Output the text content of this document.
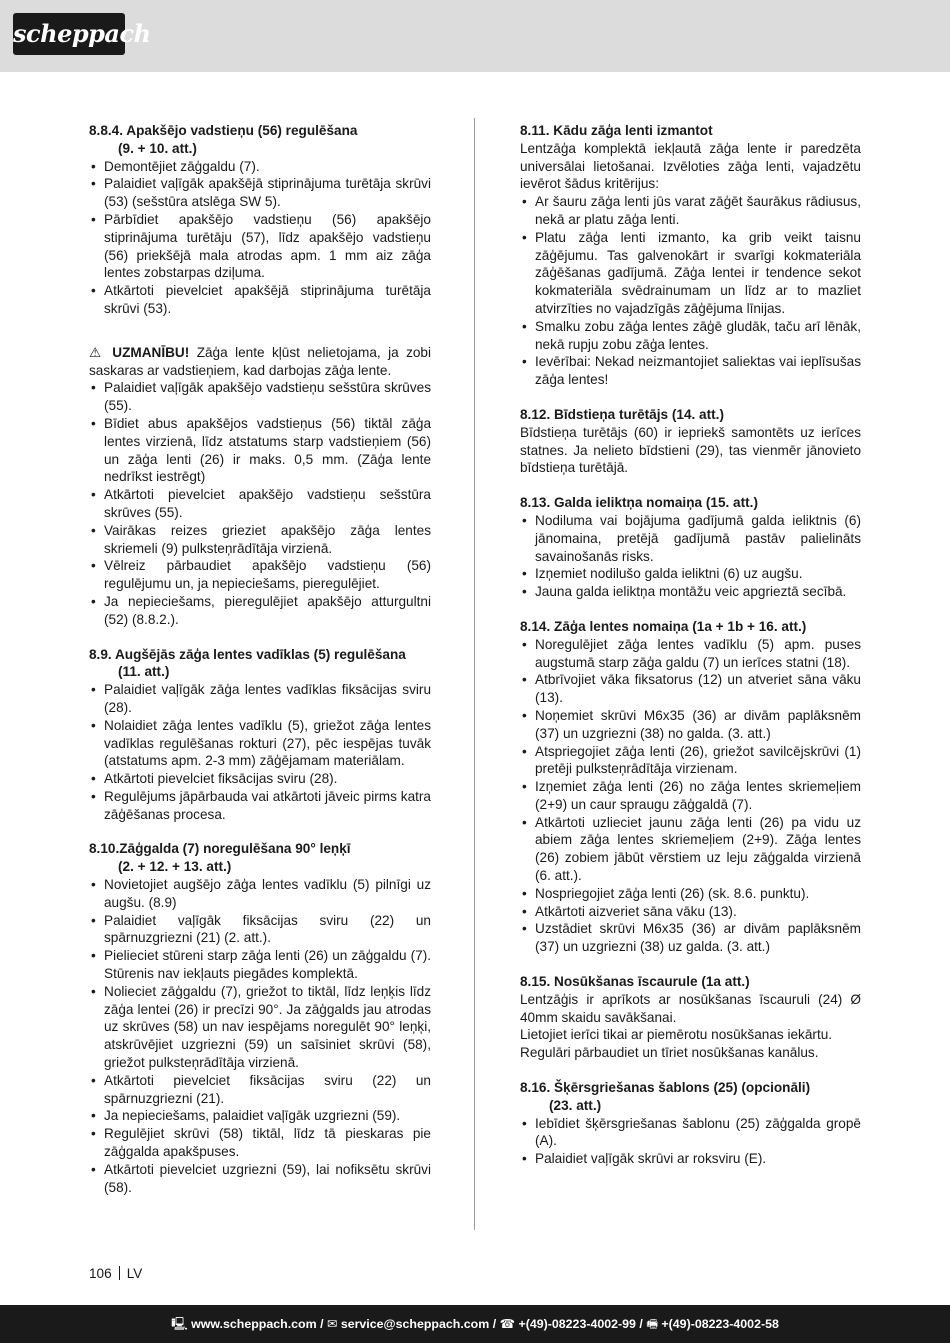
scheppach

8.8.4. Apakšējo vadstieņu (56) regulēšana
(9. + 10. att.)

• Demontējiet zāģgaldu (7).
• Palaidiet vaļīgāk apakšējā stiprinājuma turētāja skrūvi (53) (sešstūra atslēga SW 5).
• Pārbīdiet apakšējo vadstieņu (56) apakšējo stiprinājuma turētāju (57), līdz apakšējo vadstieņu (56) priekšējā mala atrodas apm. 1 mm aiz zāģa lentes zobstarpas dziļuma.
• Atkārtoti pievelciet apakšējā stiprinājuma turētāja skrūvi (53).

⚠ UZMANĪBU! Zāģa lente kļūst nelietojama, ja zobi saskaras ar vadstieņiem, kad darbojas zāģa lente.

• Palaidiet vaļīgāk apakšējo vadstieņu sešstūra skrūves (55).
• Bīdiet abus apakšējos vadstieņus (56) tiktāl zāģa lentes virzienā, līdz atstatums starp vadstieņiem (56) un zāģa lenti (26) ir maks. 0,5 mm. (Zāģa lente nedrīkst iestrēgt)
• Atkārtoti pievelciet apakšējo vadstieņu sešstūra skrūves (55).
• Vairākas reizes grieziet apakšējo zāģa lentes skriemeli (9) pulksteņrādītāja virzienā.
• Vēlreiz pārbaudiet apakšējo vadstieņu (56) regulējumu un, ja nepieciešams, pieregulējiet.
• Ja nepieciešams, pieregulējiet apakšējo atturgultni (52) (8.8.2.).

8.9. Augšējās zāģa lentes vadīklas (5) regulēšana (11. att.)

• Palaidiet vaļīgāk zāģa lentes vadīklas fiksācijas sviru (28).
• Nolaidiet zāģa lentes vadīklu (5), griežot zāģa lentes vadīklas regulēšanas rokturi (27), pēc iespējas tuvāk (atstatums apm. 2-3 mm) zāģējamam materiālam.
• Atkārtoti pievelciet fiksācijas sviru (28).
• Regulējums jāpārbauda vai atkārtoti jāveic pirms katra zāģēšanas procesa.

8.10.Zāģgalda (7) noregulēšana 90° leņķī
(2. + 12. + 13. att.)

• Novietojiet augšējo zāģa lentes vadīklu (5) pilnīgi uz augšu. (8.9)
• Palaidiet vaļīgāk fiksācijas sviru (22) un spārnuzgriezni (21) (2. att.).
• Pielieciet stūreni starp zāģa lenti (26) un zāģgaldu (7). Stūrenis nav iekļauts piegādes komplektā.
• Nolieciet zāģgaldu (7), griežot to tiktāl, līdz leņķis līdz zāģa lentei (26) ir precīzi 90°. Ja zāģgalds jau atrodas uz skrūves (58) un nav iespējams noregulēt 90° leņķi, atskrūvējiet uzgriezni (59) un saīsiniet skrūvi (58), griežot pulksteņrādītāja virzienā.
• Atkārtoti pievelciet fiksācijas sviru (22) un spārnuzgriezni (21).
• Ja nepieciešams, palaidiet vaļīgāk uzgriezni (59).
• Regulējiet skrūvi (58) tiktāl, līdz tā pieskaras pie zāģgalda apakšpuses.
• Atkārtoti pievelciet uzgriezni (59), lai nofiksētu skrūvi (58).

8.11. Kādu zāģa lenti izmantot

Lentzāģa komplektā iekļautā zāģa lente ir paredzēta universālai lietošanai. Izvēloties zāģa lenti, vajadzētu ievērot šādus kritērijus:

• Ar šauru zāģa lenti jūs varat zāģēt šaurākus rādiusus, nekā ar platu zāģa lenti.
• Platu zāģa lenti izmanto, ka grib veikt taisnu zāģējumu. Tas galvenokārt ir svarīgi kokmateriāla zāģēšanas gadījumā. Zāģa lentei ir tendence sekot kokmateriāla svēdrainumam un līdz ar to mazliet atvirzīties no vajadzīgās zāģējuma līnijas.
• Smalku zobu zāģa lentes zāģē gludāk, taču arī lēnāk, nekā rupju zobu zāģa lentes.
• Ievērībai: Nekad neizmantojiet saliektas vai ieplīsušas zāģa lentes!

8.12. Bīdstieņa turētājs (14. att.)

Bīdstieņa turētājs (60) ir iepriekš samontēts uz ierīces statnes. Ja nelieto bīdstieni (29), tas vienmēr jānovieto bīdstieņa turētājā.

8.13. Galda ieliktņa nomaiņa (15. att.)

• Nodiluma vai bojājuma gadījumā galda ieliktnis (6) jānomaina, pretējā gadījumā pastāv palielināts savainošanās risks.
• Izņemiet nodilušo galda ieliktni (6) uz augšu.
• Jauna galda ieliktņa montāžu veic apgrieztā secībā.

8.14. Zāģa lentes nomaiņa (1a + 1b + 16. att.)

• Noregulējiet zāģa lentes vadīklu (5) apm. puses augstumā starp zāģa galdu (7) un ierīces statni (18).
• Atbrīvojiet vāka fiksatorus (12) un atveriet sāna vāku (13).
• Noņemiet skrūvi M6x35 (36) ar divām paplāksnēm (37) un uzgriezni (38) no galda. (3. att.)
• Atspriegojiet zāģa lenti (26), griežot savilcējskrūvi (1) pretēji pulksteņrādītāja virzienam.
• Izņemiet zāģa lenti (26) no zāģa lentes skriemeļiem (2+9) un caur spraugu zāģgaldā (7).
• Atkārtoti uzlieciet jaunu zāģa lenti (26) pa vidu uz abiem zāģa lentes skriemeļiem (2+9). Zāģa lentes (26) zobiem jābūt vērstiem uz leju zāģgalda virzienā (6. att.).
• Nospriegojiet zāģa lenti (26) (sk. 8.6. punktu).
• Atkārtoti aizveriet sāna vāku (13).
• Uzstādiet skrūvi M6x35 (36) ar divām paplāksnēm (37) un uzgriezni (38) uz galda. (3. att.)

8.15. Nosūkšanas īscaurule (1a att.)

Lentzāģis ir aprīkots ar nosūkšanas īscauruli (24) Ø 40mm skaidu savākšanai.

Lietojiet ierīci tikai ar piemērotu nosūkšanas iekārtu. Regulāri pārbaudiet un tīriet nosūkšanas kanālus.

8.16. Šķērsgriešanas šablons (25) (opcionāli)
(23. att.)

• Iebīdiet šķērsgriešanas šablonu (25) zāģgalda gropē (A).
• Palaidiet vaļīgāk skrūvi ar roksviru (E).
106 LV
🖳 www.scheppach.com / ✉ service@scheppach.com / ☎ +(49)-08223-4002-99 / 🖷 +(49)-08223-4002-58
